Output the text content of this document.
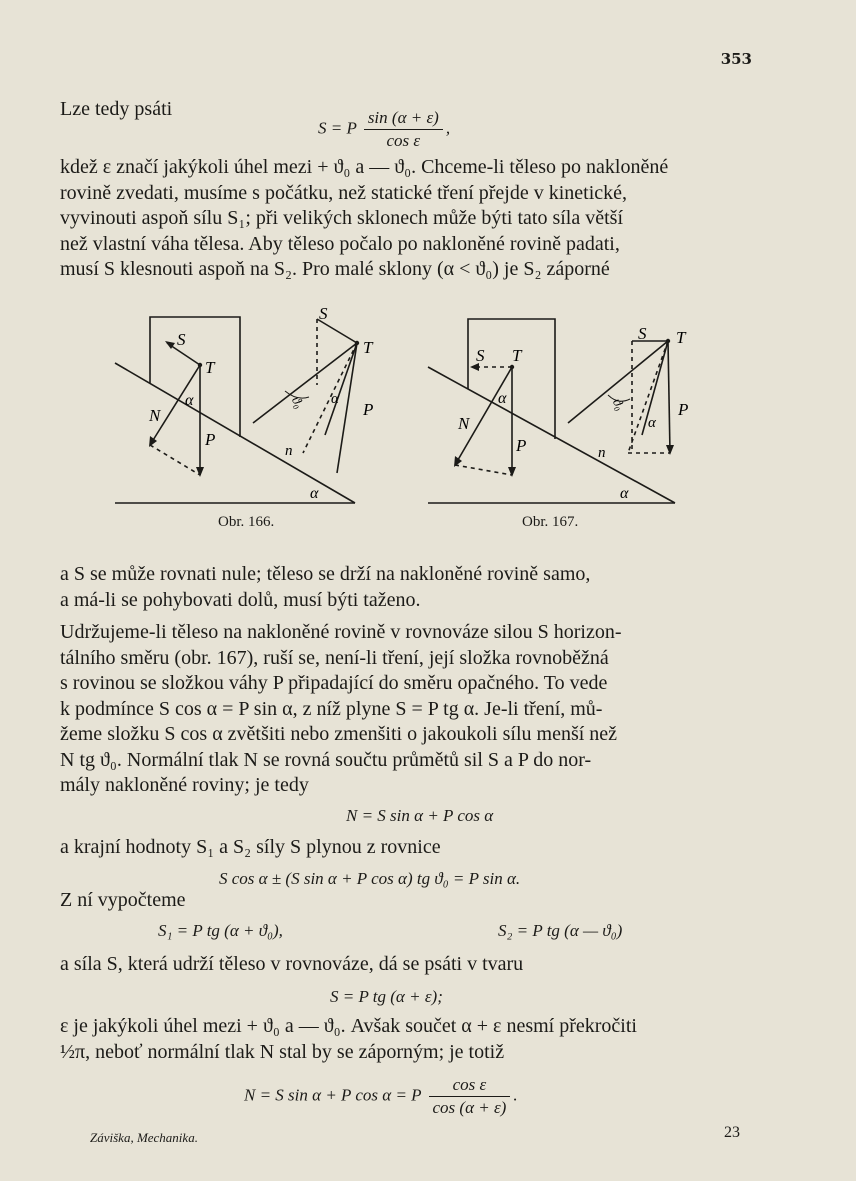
353
Lze tedy psáti
S = P $\frac{\sin (\alpha + \varepsilon)}{\text{cos ε}}$ ,
kdež ε značí jakýkoli úhel mezi + ϑ₀ a — ϑ₀. Chceme-li těleso po nakloněné
rovině zvedati, musíme s počátku, než statické tření přejde v kinetické,
vyvinouti aspoň sílu S₁; při velikých sklonech může býti tato síla větší
než vlastní váha tělesa. Aby těleso počalo po nakloněné rovině padati,
musí S klesnouti aspoň na S₂. Pro malé sklony (α < ϑ₀) je S₂ záporné
S
T
N
α
P
S
T
P
n
ϑ₀ α
α
S T
N
α
P
S T
P
n
ϑ₀
α
α
Obr. 166.	Obr. 167.
a S se může rovnati nule; těleso se drží na nakloněné rovině samo,
a má-li se pohybovati dolů, musí býti taženo.
Udržujeme-li těleso na nakloněné rovině v rovnováze silou S horizon-
tálního směru (obr. 167), ruší se, není-li tření, její složka rovnoběžná
s rovinou se složkou váhy P připadající do směru opačného. To vede
k podmínce S cos α = P sin α, z níž plyne S = P tg α. Je-li tření, mů-
žeme složku S cos α zvětšiti nebo zmenšiti o jakoukoli sílu menší než
N tg ϑ₀. Normální tlak N se rovná součtu průmětů sil S a P do nor-
mály nakloněné roviny; je tedy
N = S sin α + P cos α
a krajní hodnoty S₁ a S₂ síly S plynou z rovnice
S cos α ± (S sin α + P cos α) tg ϑ₀ = P sin α.
Z ní vypočteme
S₁ = P tg (α + ϑ₀),	S₂ = P tg (α — ϑ₀)
a síla S, která udrží těleso v rovnováze, dá se psáti v tvaru
S = P tg (α + ε);
ε je jakýkoli úhel mezi + ϑ₀ a — ϑ₀. Avšak součet α + ε nesmí překročiti
½π, neboť normální tlak N stal by se záporným; je totiž
N = S sin α + P cos α = P $\frac{\text{cos ε}}{\cos (\alpha + \varepsilon)}$ .
Záviška, Mechanika.	23
